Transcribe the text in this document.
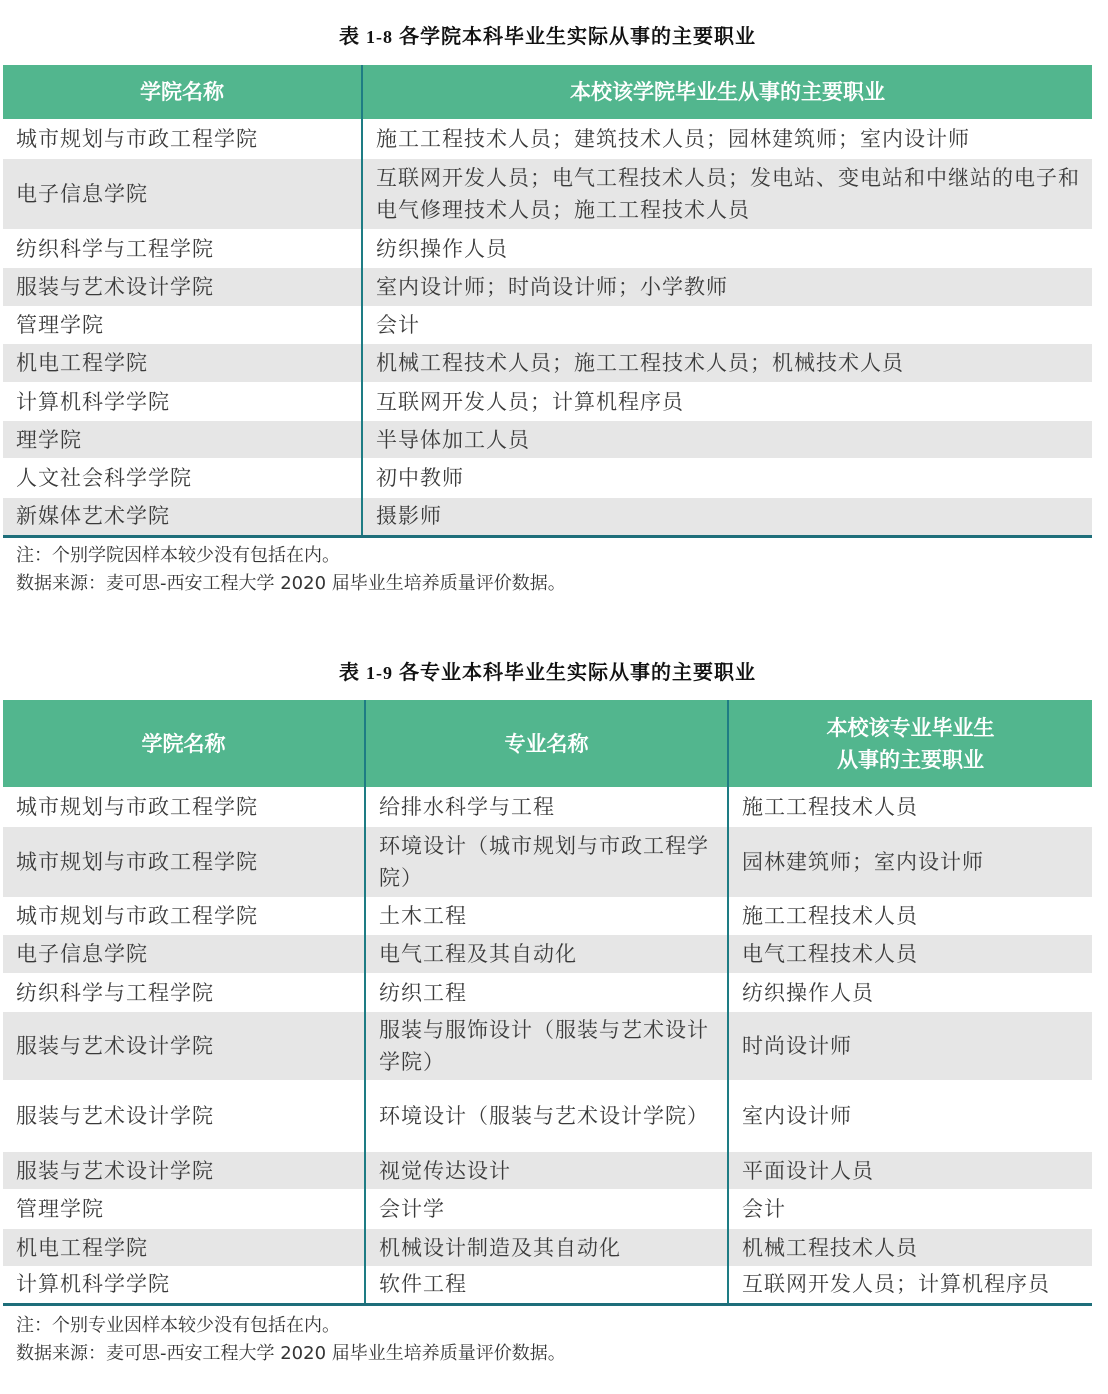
表 1-8 各学院本科毕业生实际从事的主要职业
学院名称	本校该学院毕业生从事的主要职业
城市规划与市政工程学院	施工工程技术人员；建筑技术人员；园林建筑师；室内设计师
电子信息学院	互联网开发人员；电气工程技术人员；发电站、变电站和中继站的电子和电气修理技术人员；施工工程技术人员
纺织科学与工程学院	纺织操作人员
服装与艺术设计学院	室内设计师；时尚设计师；小学教师
管理学院	会计
机电工程学院	机械工程技术人员；施工工程技术人员；机械技术人员
计算机科学学院	互联网开发人员；计算机程序员
理学院	半导体加工人员
人文社会科学学院	初中教师
新媒体艺术学院	摄影师
注：个别学院因样本较少没有包括在内。
数据来源：麦可思-西安工程大学 2020 届毕业生培养质量评价数据。
表 1-9 各专业本科毕业生实际从事的主要职业
学院名称	专业名称	本校该专业毕业生
从事的主要职业

城市规划与市政工程学院	给排水科学与工程	施工工程技术人员
城市规划与市政工程学院	环境设计（城市规划与市政工程学院）	园林建筑师；室内设计师
城市规划与市政工程学院	土木工程	施工工程技术人员
电子信息学院	电气工程及其自动化	电气工程技术人员
纺织科学与工程学院	纺织工程	纺织操作人员
服装与艺术设计学院	服装与服饰设计（服装与艺术设计学院）	时尚设计师
服装与艺术设计学院	环境设计（服装与艺术设计学院）	室内设计师
服装与艺术设计学院	视觉传达设计	平面设计人员
管理学院	会计学	会计
机电工程学院	机械设计制造及其自动化	机械工程技术人员
计算机科学学院	软件工程	互联网开发人员；计算机程序员
注：个别专业因样本较少没有包括在内。
数据来源：麦可思-西安工程大学 2020 届毕业生培养质量评价数据。
